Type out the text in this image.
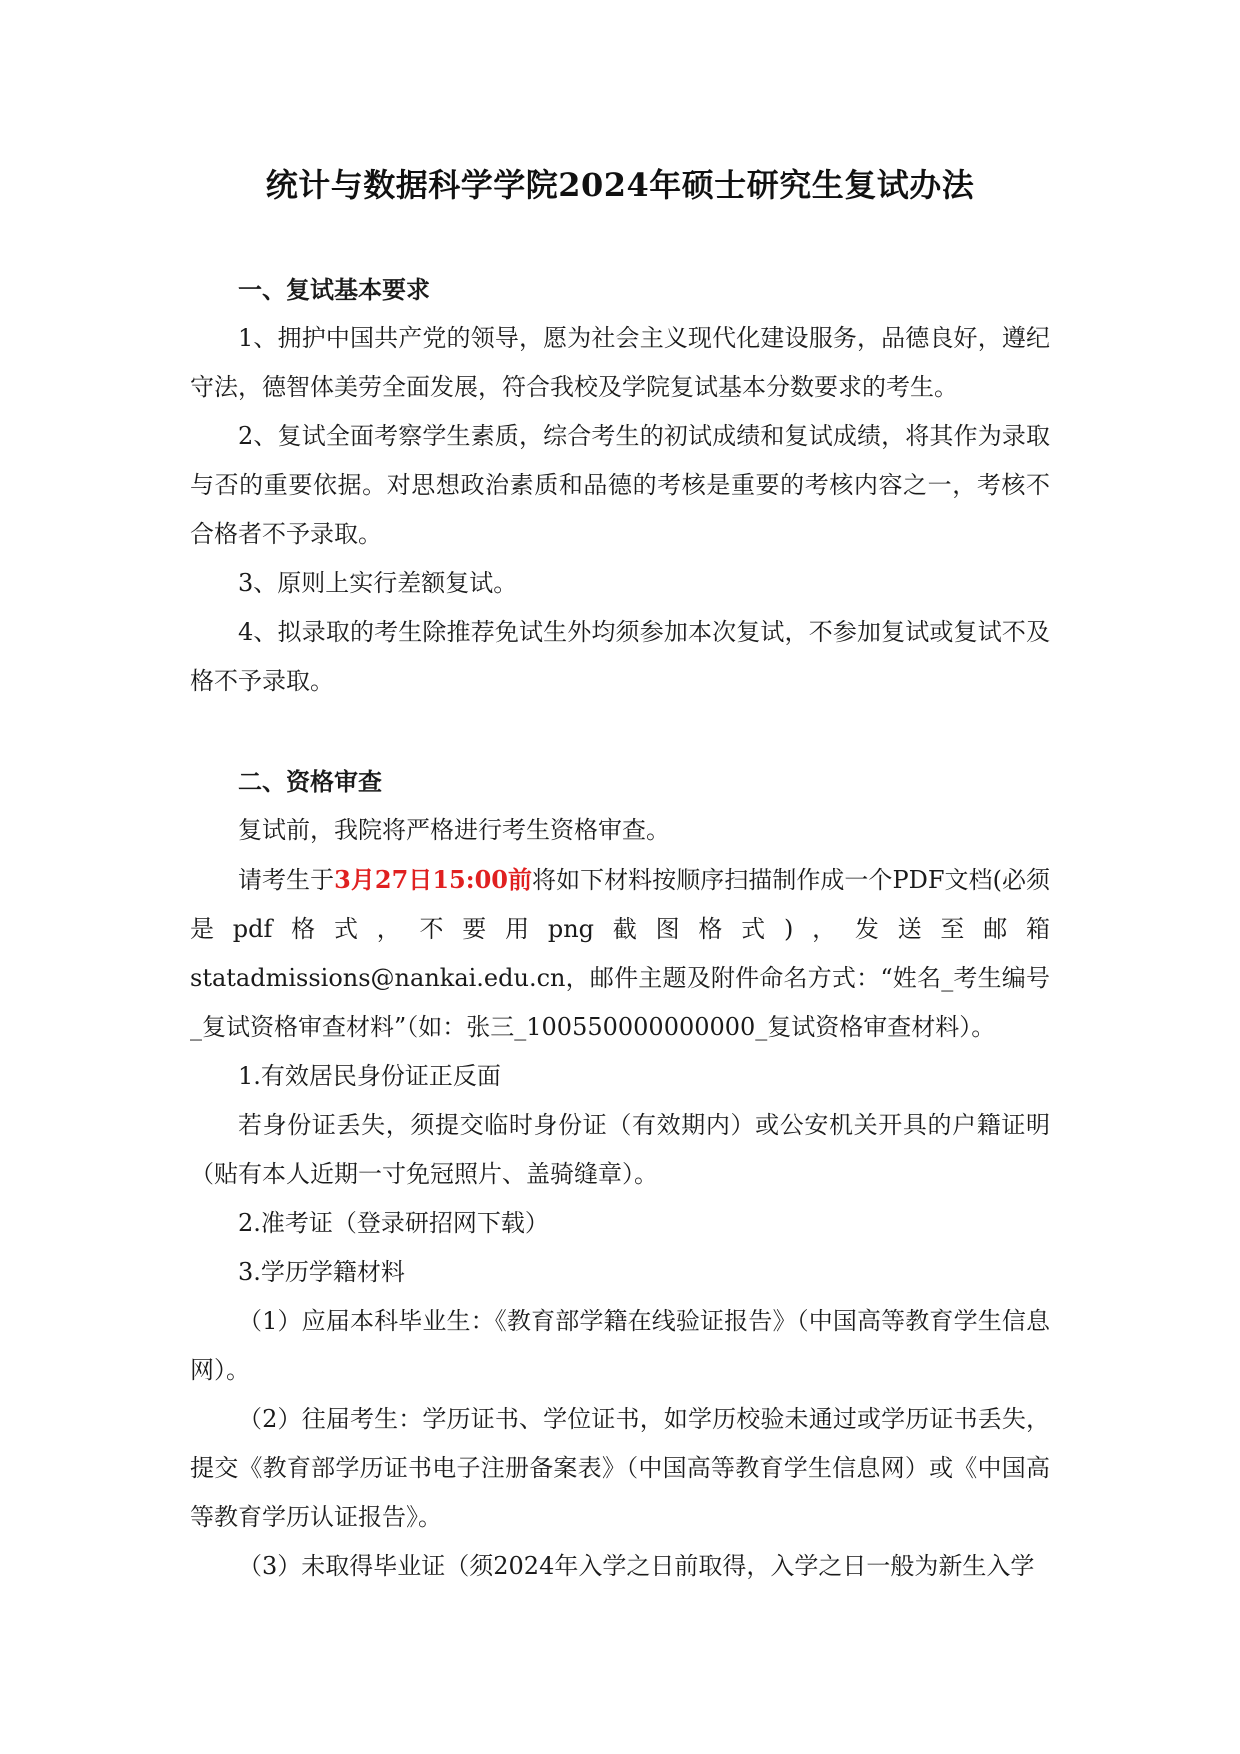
统计与数据科学学院2024年硕士研究生复试办法

一、复试基本要求

1、拥护中国共产党的领导，愿为社会主义现代化建设服务，品德良好，遵纪守法，德智体美劳全面发展，符合我校及学院复试基本分数要求的考生。

2、复试全面考察学生素质，综合考生的初试成绩和复试成绩，将其作为录取与否的重要依据。对思想政治素质和品德的考核是重要的考核内容之一，考核不合格者不予录取。

3、原则上实行差额复试。

4、拟录取的考生除推荐免试生外均须参加本次复试，不参加复试或复试不及格不予录取。

二、资格审查

复试前，我院将严格进行考生资格审查。

请考生于3月27日15:00前将如下材料按顺序扫描制作成一个PDF文档(必须是pdf格式，不要用png截图格式)，发送至邮箱statadmissions@nankai.edu.cn，邮件主题及附件命名方式：“姓名_考生编号_复试资格审查材料”（如：张三_100550000000000_复试资格审查材料）。

1.有效居民身份证正反面

若身份证丢失，须提交临时身份证（有效期内）或公安机关开具的户籍证明（贴有本人近期一寸免冠照片、盖骑缝章）。

2.准考证（登录研招网下载）

3.学历学籍材料

（1）应届本科毕业生：《教育部学籍在线验证报告》（中国高等教育学生信息网）。

（2）往届考生：学历证书、学位证书，如学历校验未通过或学历证书丢失，提交《教育部学历证书电子注册备案表》（中国高等教育学生信息网）或《中国高等教育学历认证报告》。

（3）未取得毕业证（须2024年入学之日前取得，入学之日一般为新生入学
